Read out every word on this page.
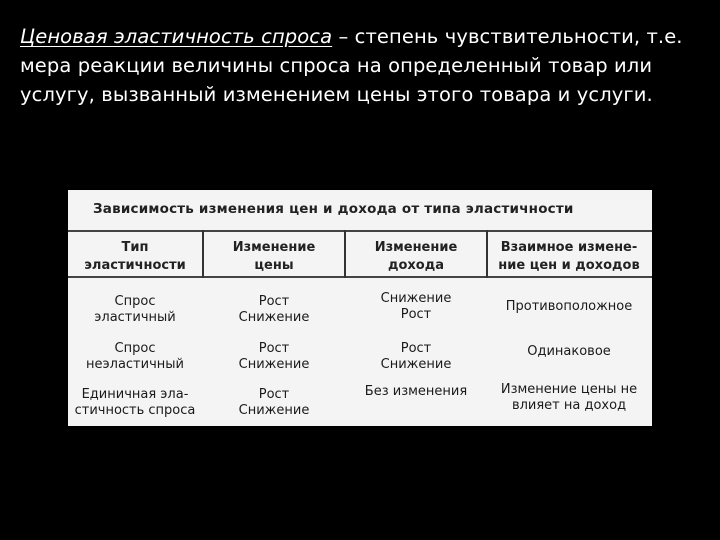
Ценовая эластичность спроса – степень чувствительности, т.е. мера реакции величины спроса на определенный товар или услугу, вызванный изменением цены этого товара и услуги.
Зависимость изменения цен и дохода от типа эластичности
Тип
эластичности
Изменение
цены
Изменение
дохода
Взаимное измене-
ние цен и доходов
Спрос
эластичный
Рост
Снижение
Снижение
Рост
Противоположное
Спрос
неэластичный
Рост
Снижение
Рост
Снижение
Одинаковое
Единичная эла-
стичность спроса
Рост
Снижение
Без изменения	Изменение цены не
влияет на доход
